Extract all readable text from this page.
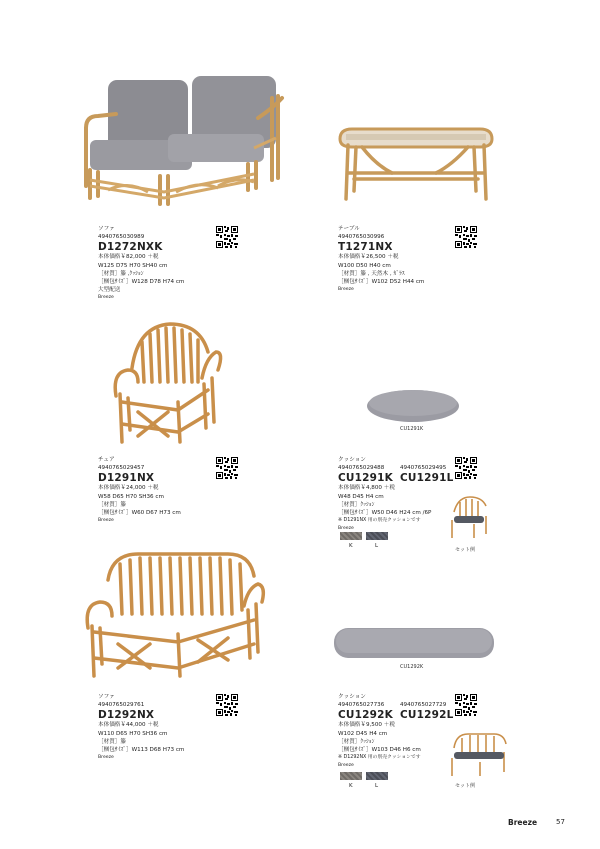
ソファ
4940765030989
D1272NXK
本体価格￥82,000 ＋税
W125 D75 H70 SH40 cm
［材質］籐 ,ｸｯｼｮﾝ
［梱包ｻｲｽﾞ］W128 D78 H74 cm
大型配送
Breeze
テーブル
4940765030996
T1271NX
本体価格￥26,500 ＋税
W100 D50 H40 cm
［材質］籐 , 天然木 , ｶﾞﾗｽ
［梱包ｻｲｽﾞ］W102 D52 H44 cm
Breeze
チェア
4940765029457
D1291NX
本体価格￥24,000 ＋税
W58 D65 H70 SH36 cm
［材質］籐
［梱包ｻｲｽﾞ］W60 D67 H73 cm
Breeze
CU1291K
クッション
4940765029488	4940765029495
CU1291K CU1291L
本体価格￥4,800 ＋税
W48 D45 H4 cm
［材質］ｸｯｼｮﾝ
［梱包ｻｲｽﾞ］W50 D46 H24 cm /6P
※ D1291NX 用の別売クッションです
Breeze
K	L
セット例
ソファ
4940765029761
D1292NX
本体価格￥44,000 ＋税
W110 D65 H70 SH36 cm
［材質］籐
［梱包ｻｲｽﾞ］W113 D68 H73 cm
Breeze
CU1292K
クッション
4940765027736	4940765027729
CU1292K CU1292L
本体価格￥9,500 ＋税
W102 D45 H4 cm
［材質］ｸｯｼｮﾝ
［梱包ｻｲｽﾞ］W103 D46 H6 cm
※ D1292NX 用の別売クッションです
Breeze
K	L	セット例
Breeze	57
